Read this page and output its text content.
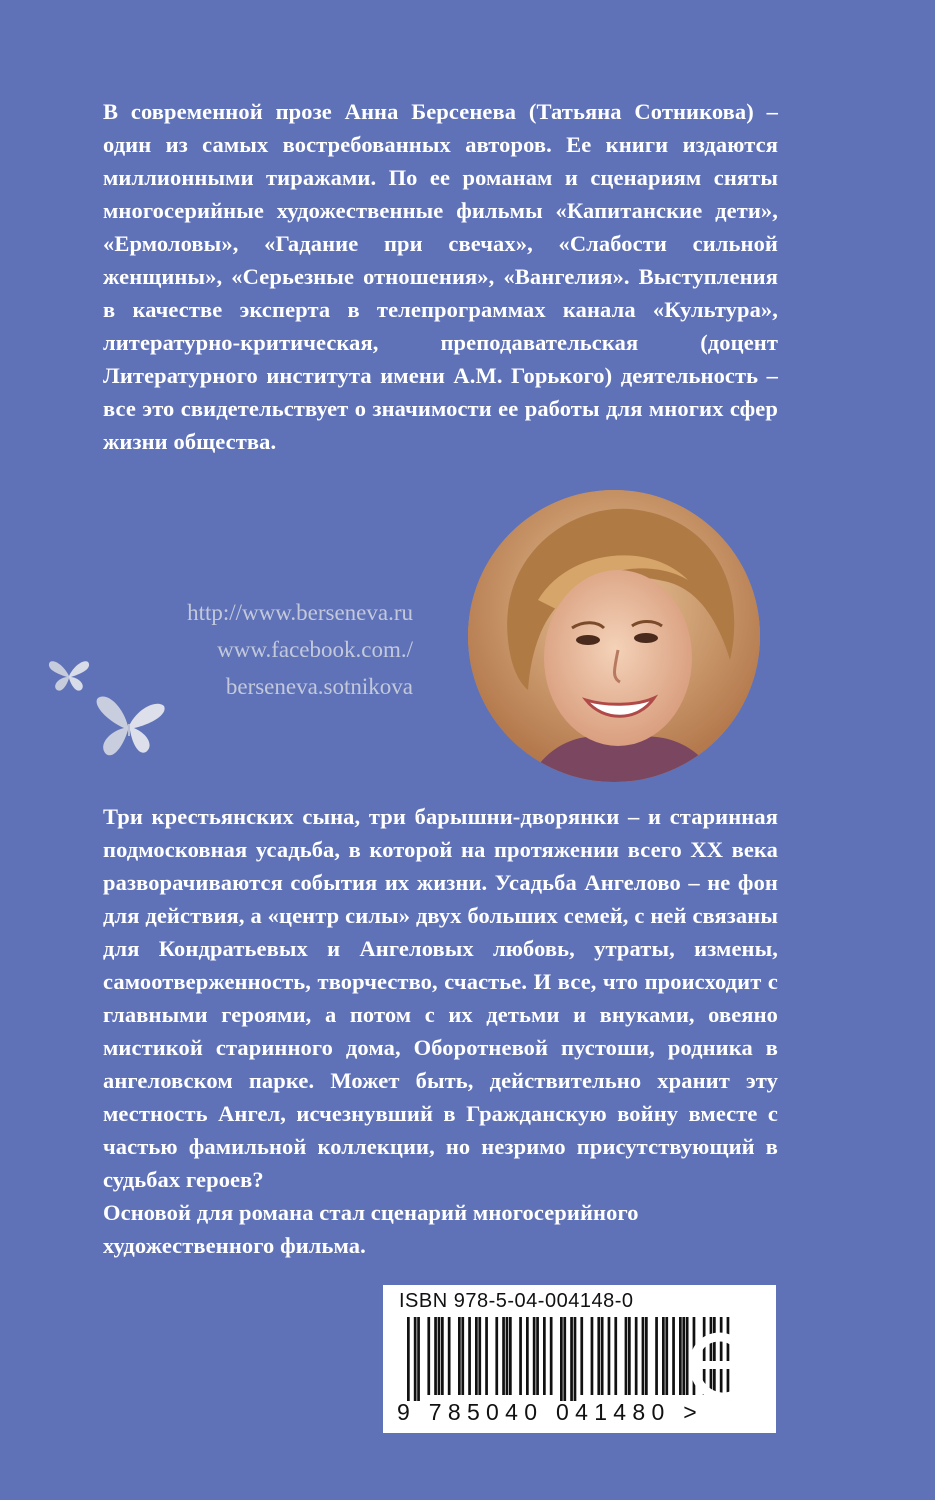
В современной прозе Анна Берсенева (Татьяна Сотникова) – один из самых востребованных авторов. Ее книги издаются миллионными тиражами. По ее романам и сценариям сняты многосерийные художественные фильмы «Капитанские дети», «Ермоловы», «Гадание при свечах», «Слабости сильной женщины», «Серьезные отношения», «Вангелия». Выступления в качестве эксперта в телепрограммах канала «Культура», литературно-критическая, преподавательская (доцент Литературного института имени А.М. Горького) деятельность – все это свидетельствует о значимости ее работы для многих сфер жизни общества.

http://www.berseneva.ru
www.facebook.com./
berseneva.sotnikova

Три крестьянских сына, три барышни-дворянки – и старинная подмосковная усадьба, в которой на протяжении всего XX века разворачиваются события их жизни. Усадьба Ангелово – не фон для действия, а «центр силы» двух больших семей, с ней связаны для Кондратьевых и Ангеловых любовь, утраты, измены, самоотверженность, творчество, счастье. И все, что происходит с главными героями, а потом с их детьми и внуками, овеяно мистикой старинного дома, Оборотневой пустоши, родника в ангеловском парке. Может быть, действительно хранит эту местность Ангел, исчезнувший в Гражданскую войну вместе с частью фамильной коллекции, но незримо присутствующий в судьбах героев?

Основой для романа стал сценарий многосерийного художественного фильма.

ISBN 978-5-04-004148-0
9 785040 041480 >
